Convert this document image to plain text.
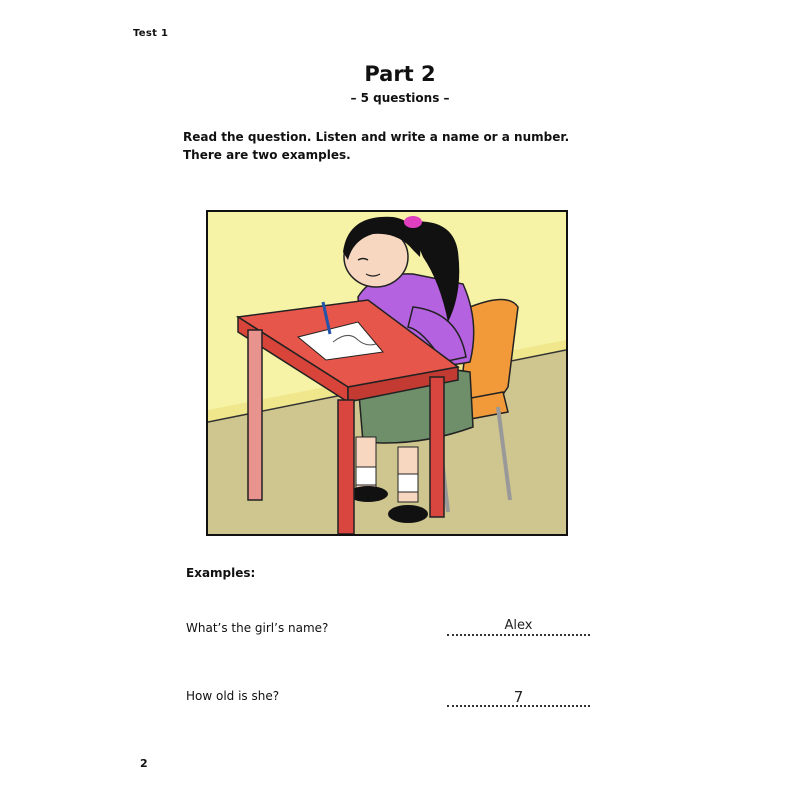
Test 1
Part 2
– 5 questions –
Read the question. Listen and write a name or a number.
There are two examples.
Examples:
What’s the girl’s name?	Alex
How old is she?	7
2
